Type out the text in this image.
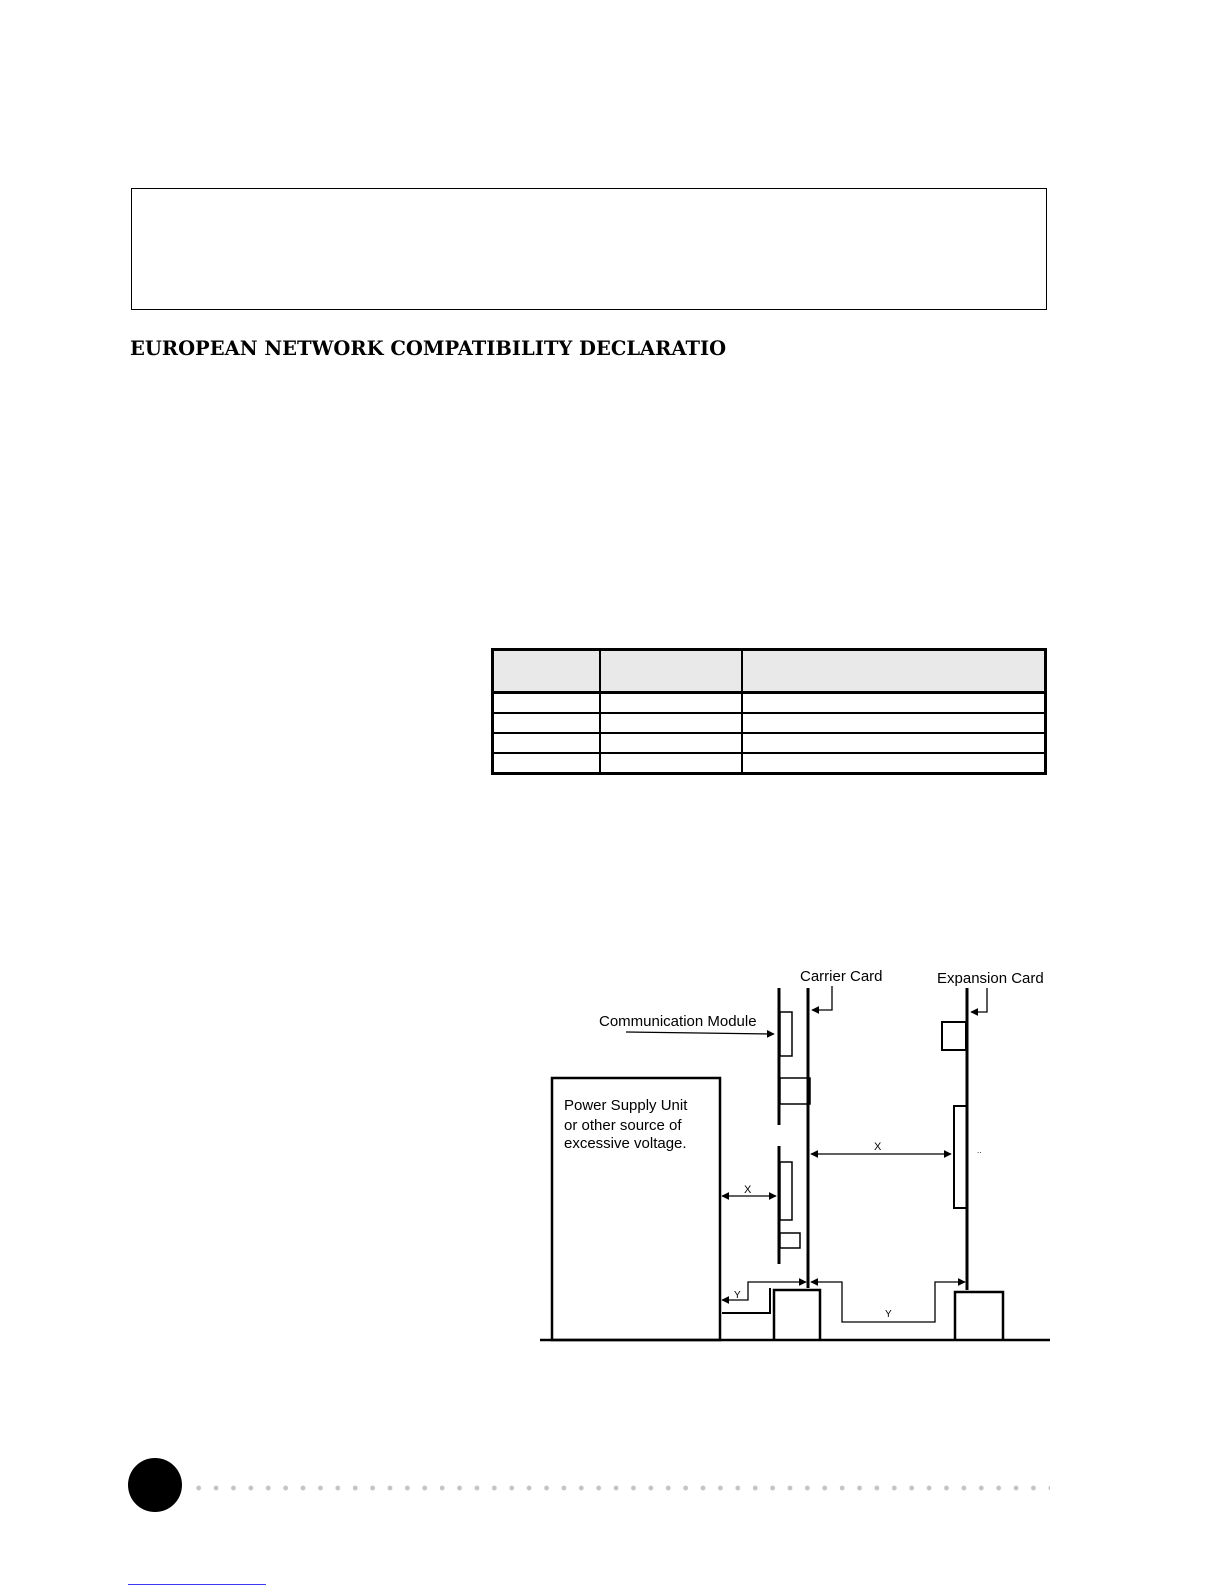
EUROPEAN NETWORK COMPATIBILITY DECLARATIO

Power Supply Unit
or other source of
excessive voltage.	..
Carrier Card	Expansion Card
Communication Module
X
X
Y
Y
